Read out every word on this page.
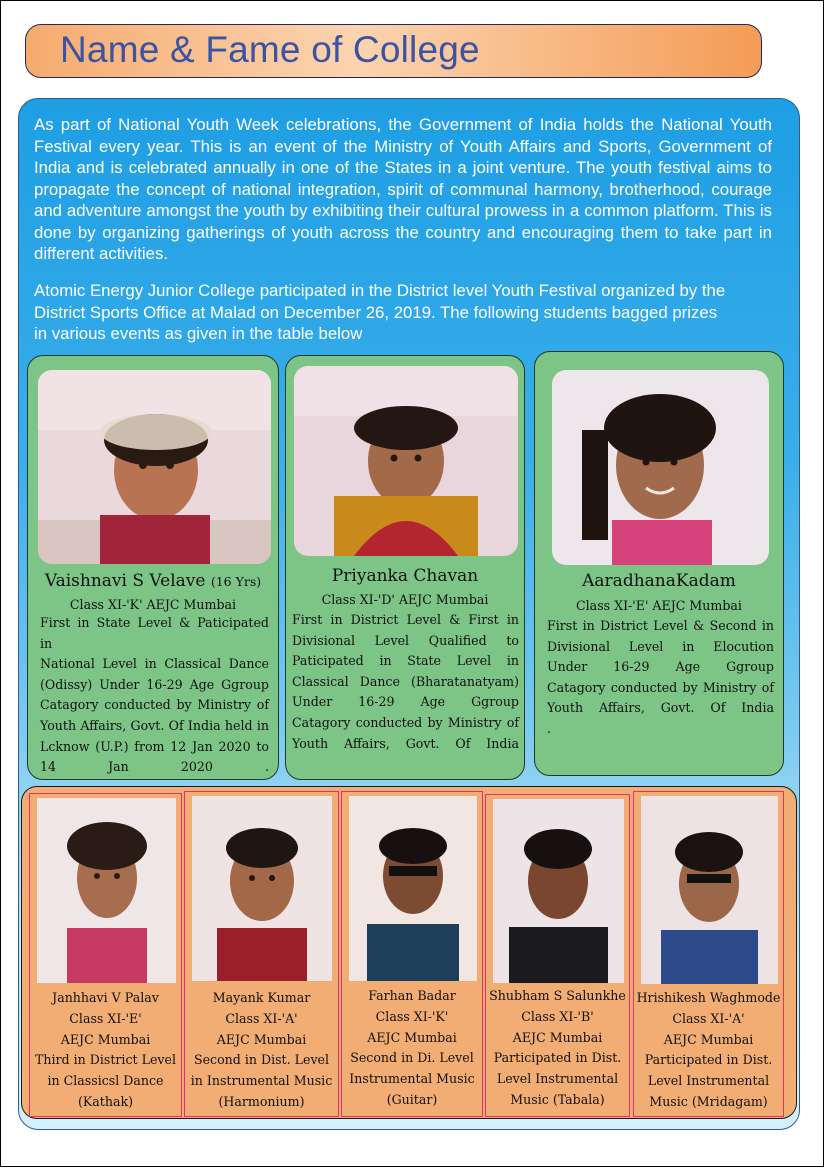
Name & Fame of College

As part of National Youth Week celebrations, the Government of India holds the National Youth Festival every year. This is an event of the Ministry of Youth Affairs and Sports, Government of India and is celebrated annually in one of the States in a joint venture. The youth festival aims to propagate the concept of national integration, spirit of communal harmony, brotherhood, courage and adventure amongst the youth by exhibiting their cultural prowess in a common platform. This is done by organizing gatherings of youth across the country and encouraging them to take part in different activities.

Atomic Energy Junior College participated in the District level Youth Festival organized by the District Sports Office at Malad on December 26, 2019. The following students bagged prizes in various events as given in the table below

Vaishnavi S Velave (16 Yrs)

Class XI-'K' AEJC Mumbai

First in State Level & Paticipated in
National Level in Classical Dance
(Odissy) Under 16-29 Age Ggroup
Catagory conducted by Ministry of
Youth Affairs, Govt. Of India held in
Lcknow (U.P.) from 12 Jan 2020 to
14 Jan 2020 .

Priyanka Chavan

Class XI-'D' AEJC Mumbai

First in District Level & First in
Divisional Level Qualified to
Paticipated in State Level in
Classical Dance (Bharatanatyam)
Under 16-29 Age Ggroup
Catagory conducted by Ministry of
Youth Affairs, Govt. Of India

AaradhanaKadam

Class XI-'E' AEJC Mumbai

First in District Level & Second in
Divisional Level in Elocution
Under 16-29 Age Ggroup
Catagory conducted by Ministry of
Youth Affairs, Govt. Of India
.
Janhhavi V Palav
Class XI-'E'
AEJC Mumbai
Third in District Level
in Classicsl Dance
(Kathak)
Mayank Kumar
Class XI-'A'
AEJC Mumbai
Second in Dist. Level
in Instrumental Music
(Harmonium)
Farhan Badar
Class XI-'K'
AEJC Mumbai
Second in Di. Level
Instrumental Music
(Guitar)
Shubham S Salunkhe
Class XI-'B'
AEJC Mumbai
Participated in Dist.
Level Instrumental
Music (Tabala)
Hrishikesh Waghmode
Class XI-'A'
AEJC Mumbai
Participated in Dist.
Level Instrumental
Music (Mridagam)
